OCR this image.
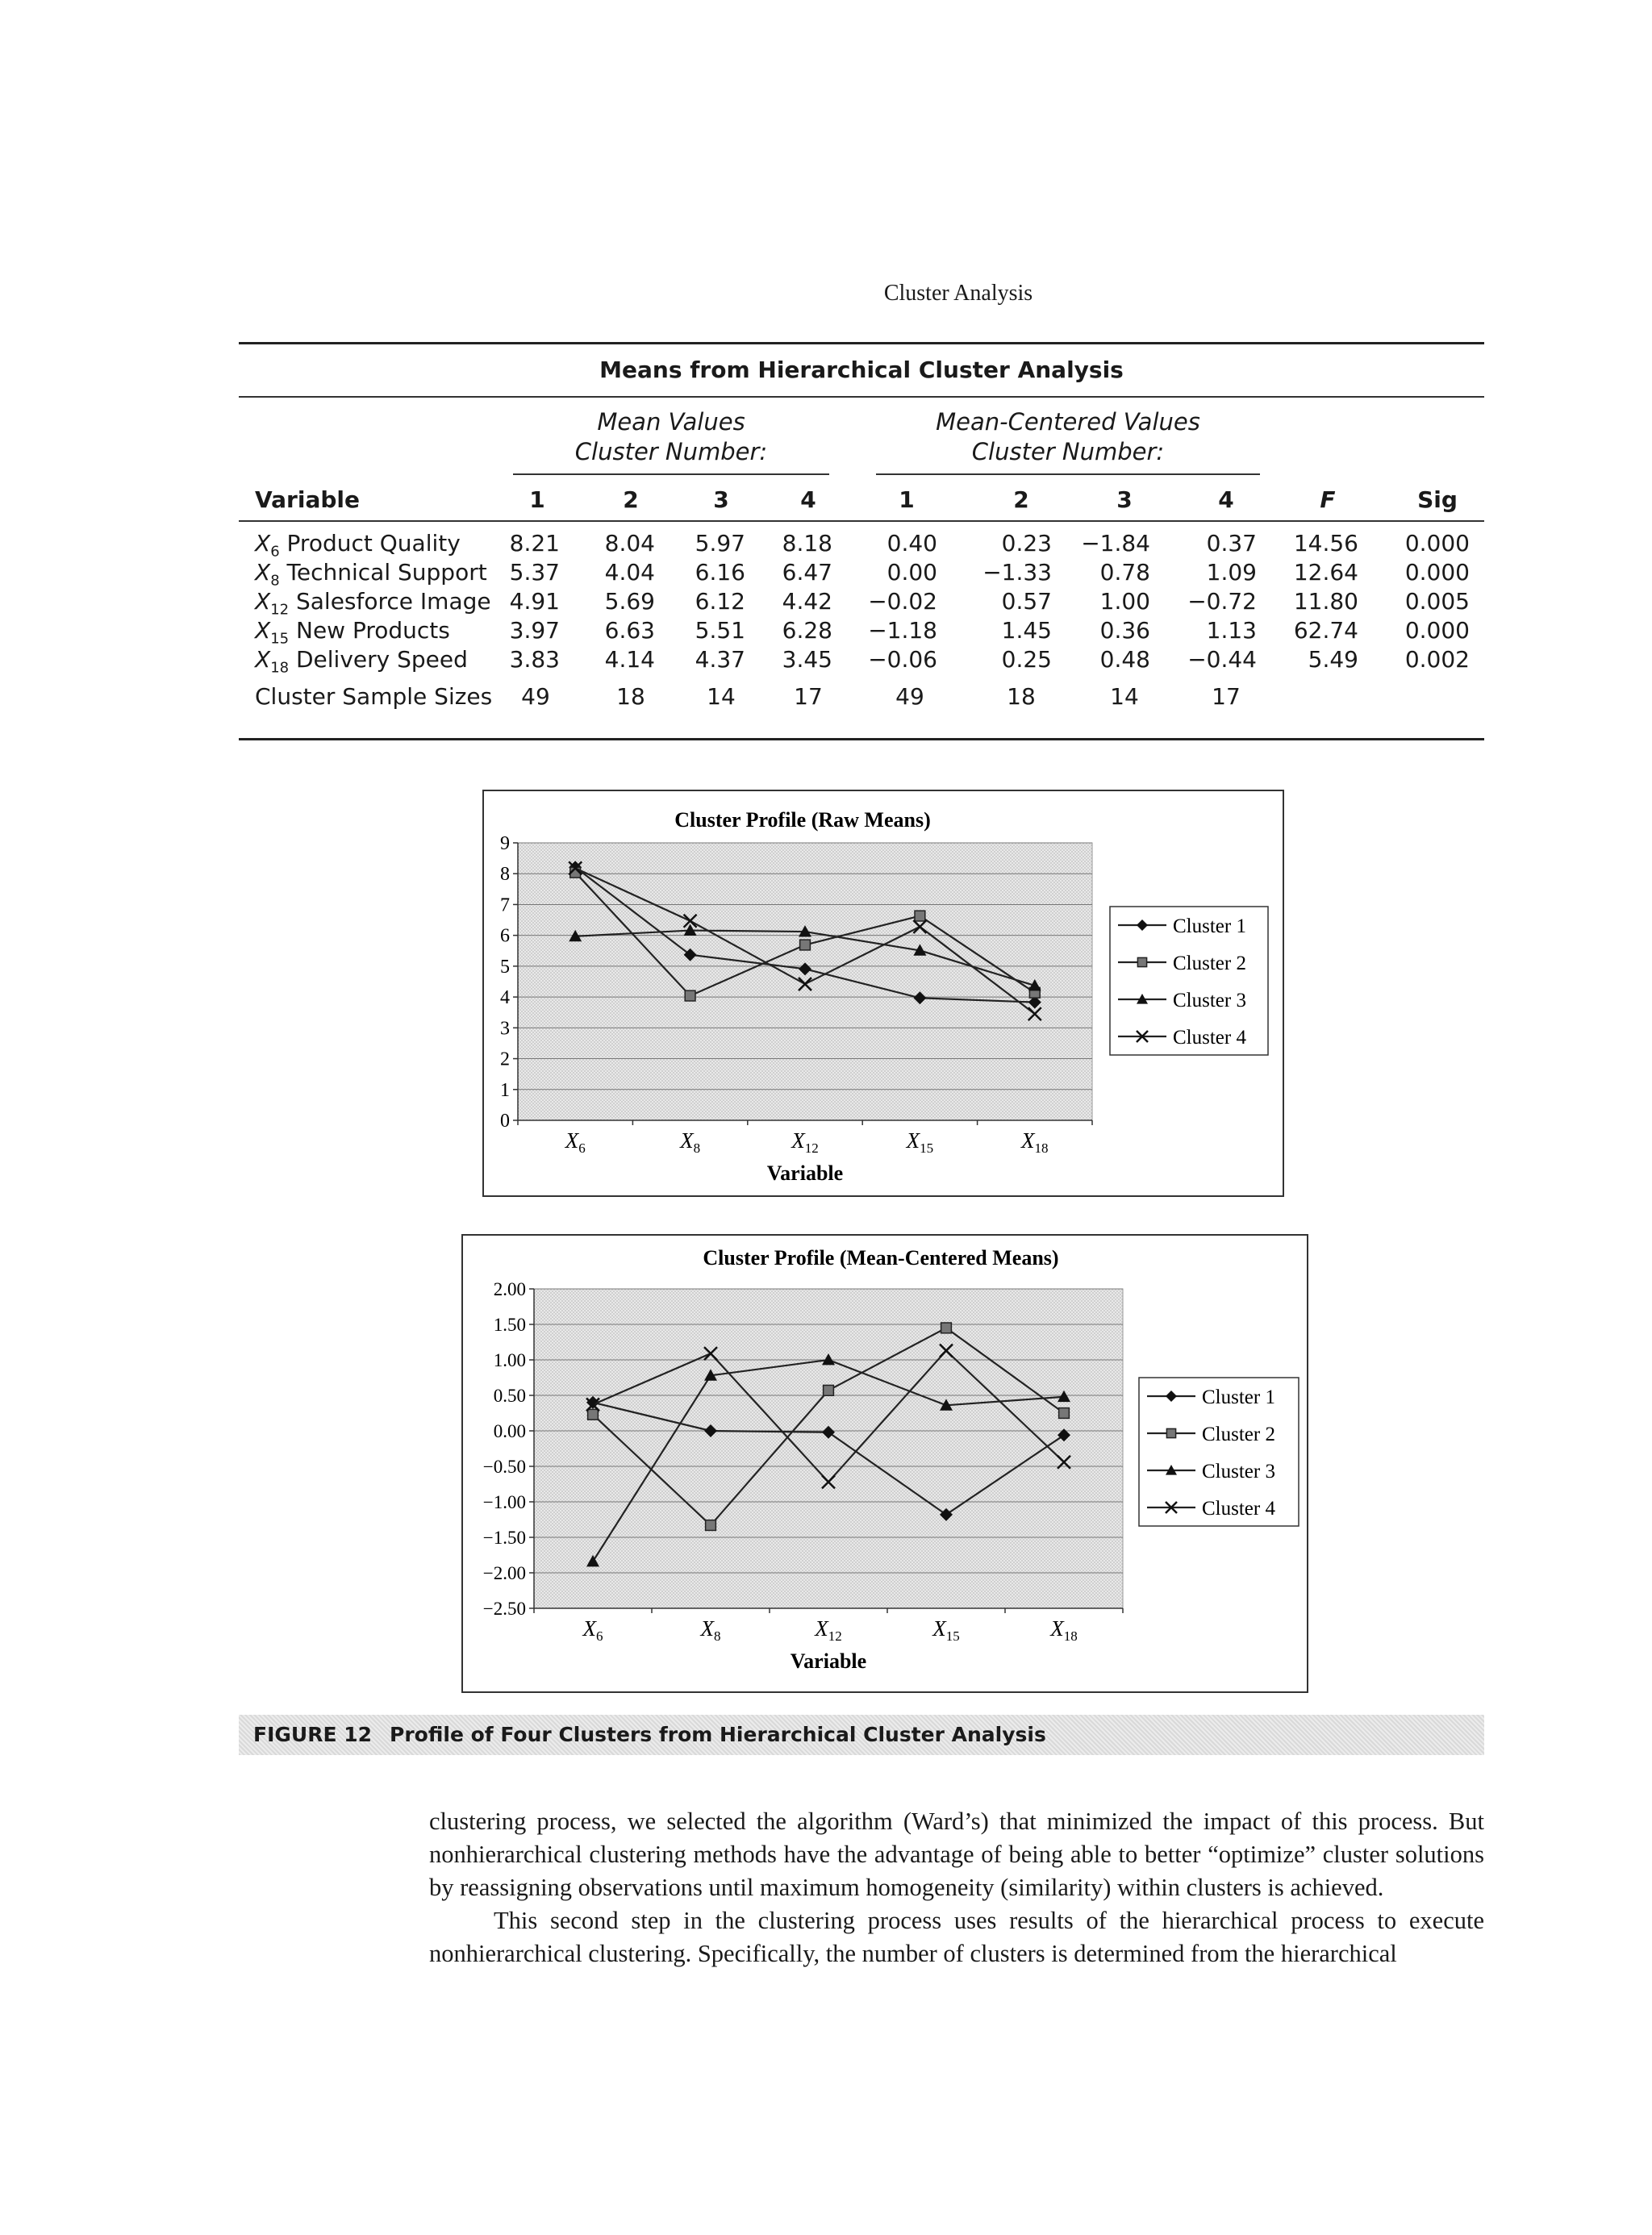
Cluster Analysis
Means from Hierarchical Cluster Analysis
Mean Values
Cluster Number:
Mean-Centered Values
Cluster Number:
Variable	1	2	3	4	1	2	3	4	F	Sig
$X_6$ Product Quality	8.21	8.04	5.97	8.18	0.40	0.23	−1.84	0.37	14.56	0.000
$X_8$ Technical Support 5.37	4.04	6.16	6.47	0.00	−1.33	0.78	1.09	12.64	0.000
$X_{12}$ Salesforce Image 4.91	5.69	6.12	4.42	−0.02	0.57	1.00	−0.72	11.80	0.005
$X_{15}$ New Products	3.97	6.63	5.51	6.28	−1.18	1.45	0.36	1.13	62.74	0.000
$X_{18}$ Delivery Speed	3.83	4.14	4.37	3.45	−0.06	0.25	0.48	−0.44	5.49	0.002
Cluster Sample Sizes	49	18	14	17	49	18	14	17
Cluster Profile (Raw Means)
0
1
2
3
4
5
6
7
8
9
$X_6$	$X_8$	$X_{12}$	$X_{15}$	$X_{18}$
Variable
Cluster 1
Cluster 2
Cluster 3
Cluster 4
Cluster Profile (Mean-Centered Means)
−2.50
−2.00
−1.50
−1.00
−0.50
0.00
0.50
1.00
1.50
2.00
$X_6$	$X_8$	$X_{12}$	$X_{15}$	$X_{18}$
Variable
Cluster 1
Cluster 2
Cluster 3
Cluster 4
FIGURE 12 Profile of Four Clusters from Hierarchical Cluster Analysis

clustering process, we selected the algorithm (Ward’s) that minimized the impact of this process. But nonhierarchical clustering methods have the advantage of being able to better “optimize” cluster solutions by reassigning observations until maximum homogeneity (similarity) within clusters is achieved.

This second step in the clustering process uses results of the hierarchical process to execute nonhierarchical clustering. Specifically, the number of clusters is determined from the hierarchical
